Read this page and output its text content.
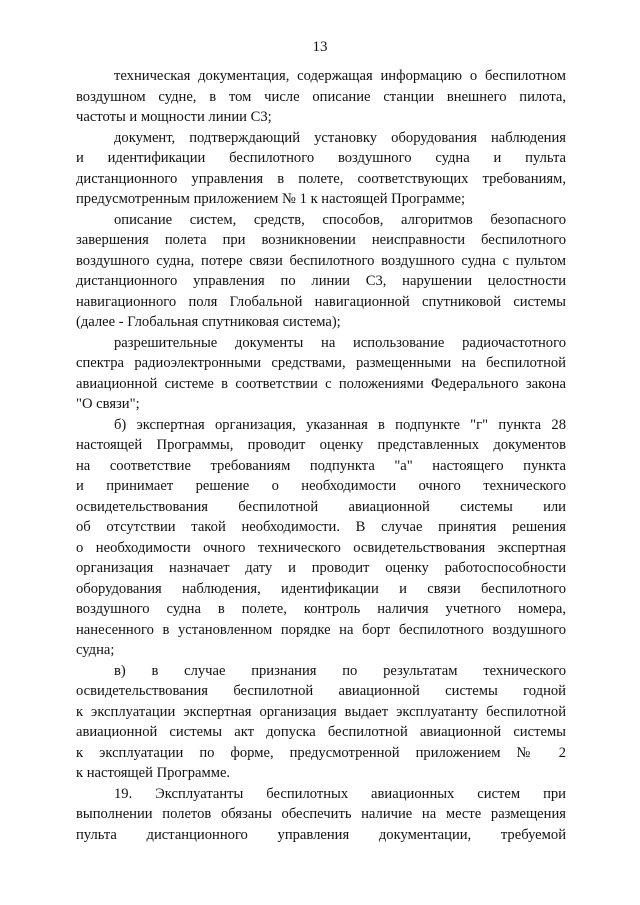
13
техническая документация, содержащая информацию о беспилотном
воздушном судне, в том числе описание станции внешнего пилота,
частоты и мощности линии С3;
документ, подтверждающий установку оборудования наблюдения
и идентификации беспилотного воздушного судна и пульта
дистанционного управления в полете, соответствующих требованиям,
предусмотренным приложением № 1 к настоящей Программе;
описание систем, средств, способов, алгоритмов безопасного
завершения полета при возникновении неисправности беспилотного
воздушного судна, потере связи беспилотного воздушного судна с пультом
дистанционного управления по линии С3, нарушении целостности
навигационного поля Глобальной навигационной спутниковой системы
(далее - Глобальная спутниковая система);
разрешительные документы на использование радиочастотного
спектра радиоэлектронными средствами, размещенными на беспилотной
авиационной системе в соответствии с положениями Федерального закона
"О связи";
б) экспертная организация, указанная в подпункте "г" пункта 28
настоящей Программы, проводит оценку представленных документов
на соответствие требованиям подпункта "а" настоящего пункта
и принимает решение о необходимости очного технического
освидетельствования беспилотной авиационной системы или
об отсутствии такой необходимости. В случае принятия решения
о необходимости очного технического освидетельствования экспертная
организация назначает дату и проводит оценку работоспособности
оборудования наблюдения, идентификации и связи беспилотного
воздушного судна в полете, контроль наличия учетного номера,
нанесенного в установленном порядке на борт беспилотного воздушного
судна;
в) в случае признания по результатам технического
освидетельствования беспилотной авиационной системы годной
к эксплуатации экспертная организация выдает эксплуатанту беспилотной
авиационной системы акт допуска беспилотной авиационной системы
к эксплуатации по форме, предусмотренной приложением № 2
к настоящей Программе.
19. Эксплуатанты беспилотных авиационных систем при
выполнении полетов обязаны обеспечить наличие на месте размещения
пульта дистанционного управления документации, требуемой
